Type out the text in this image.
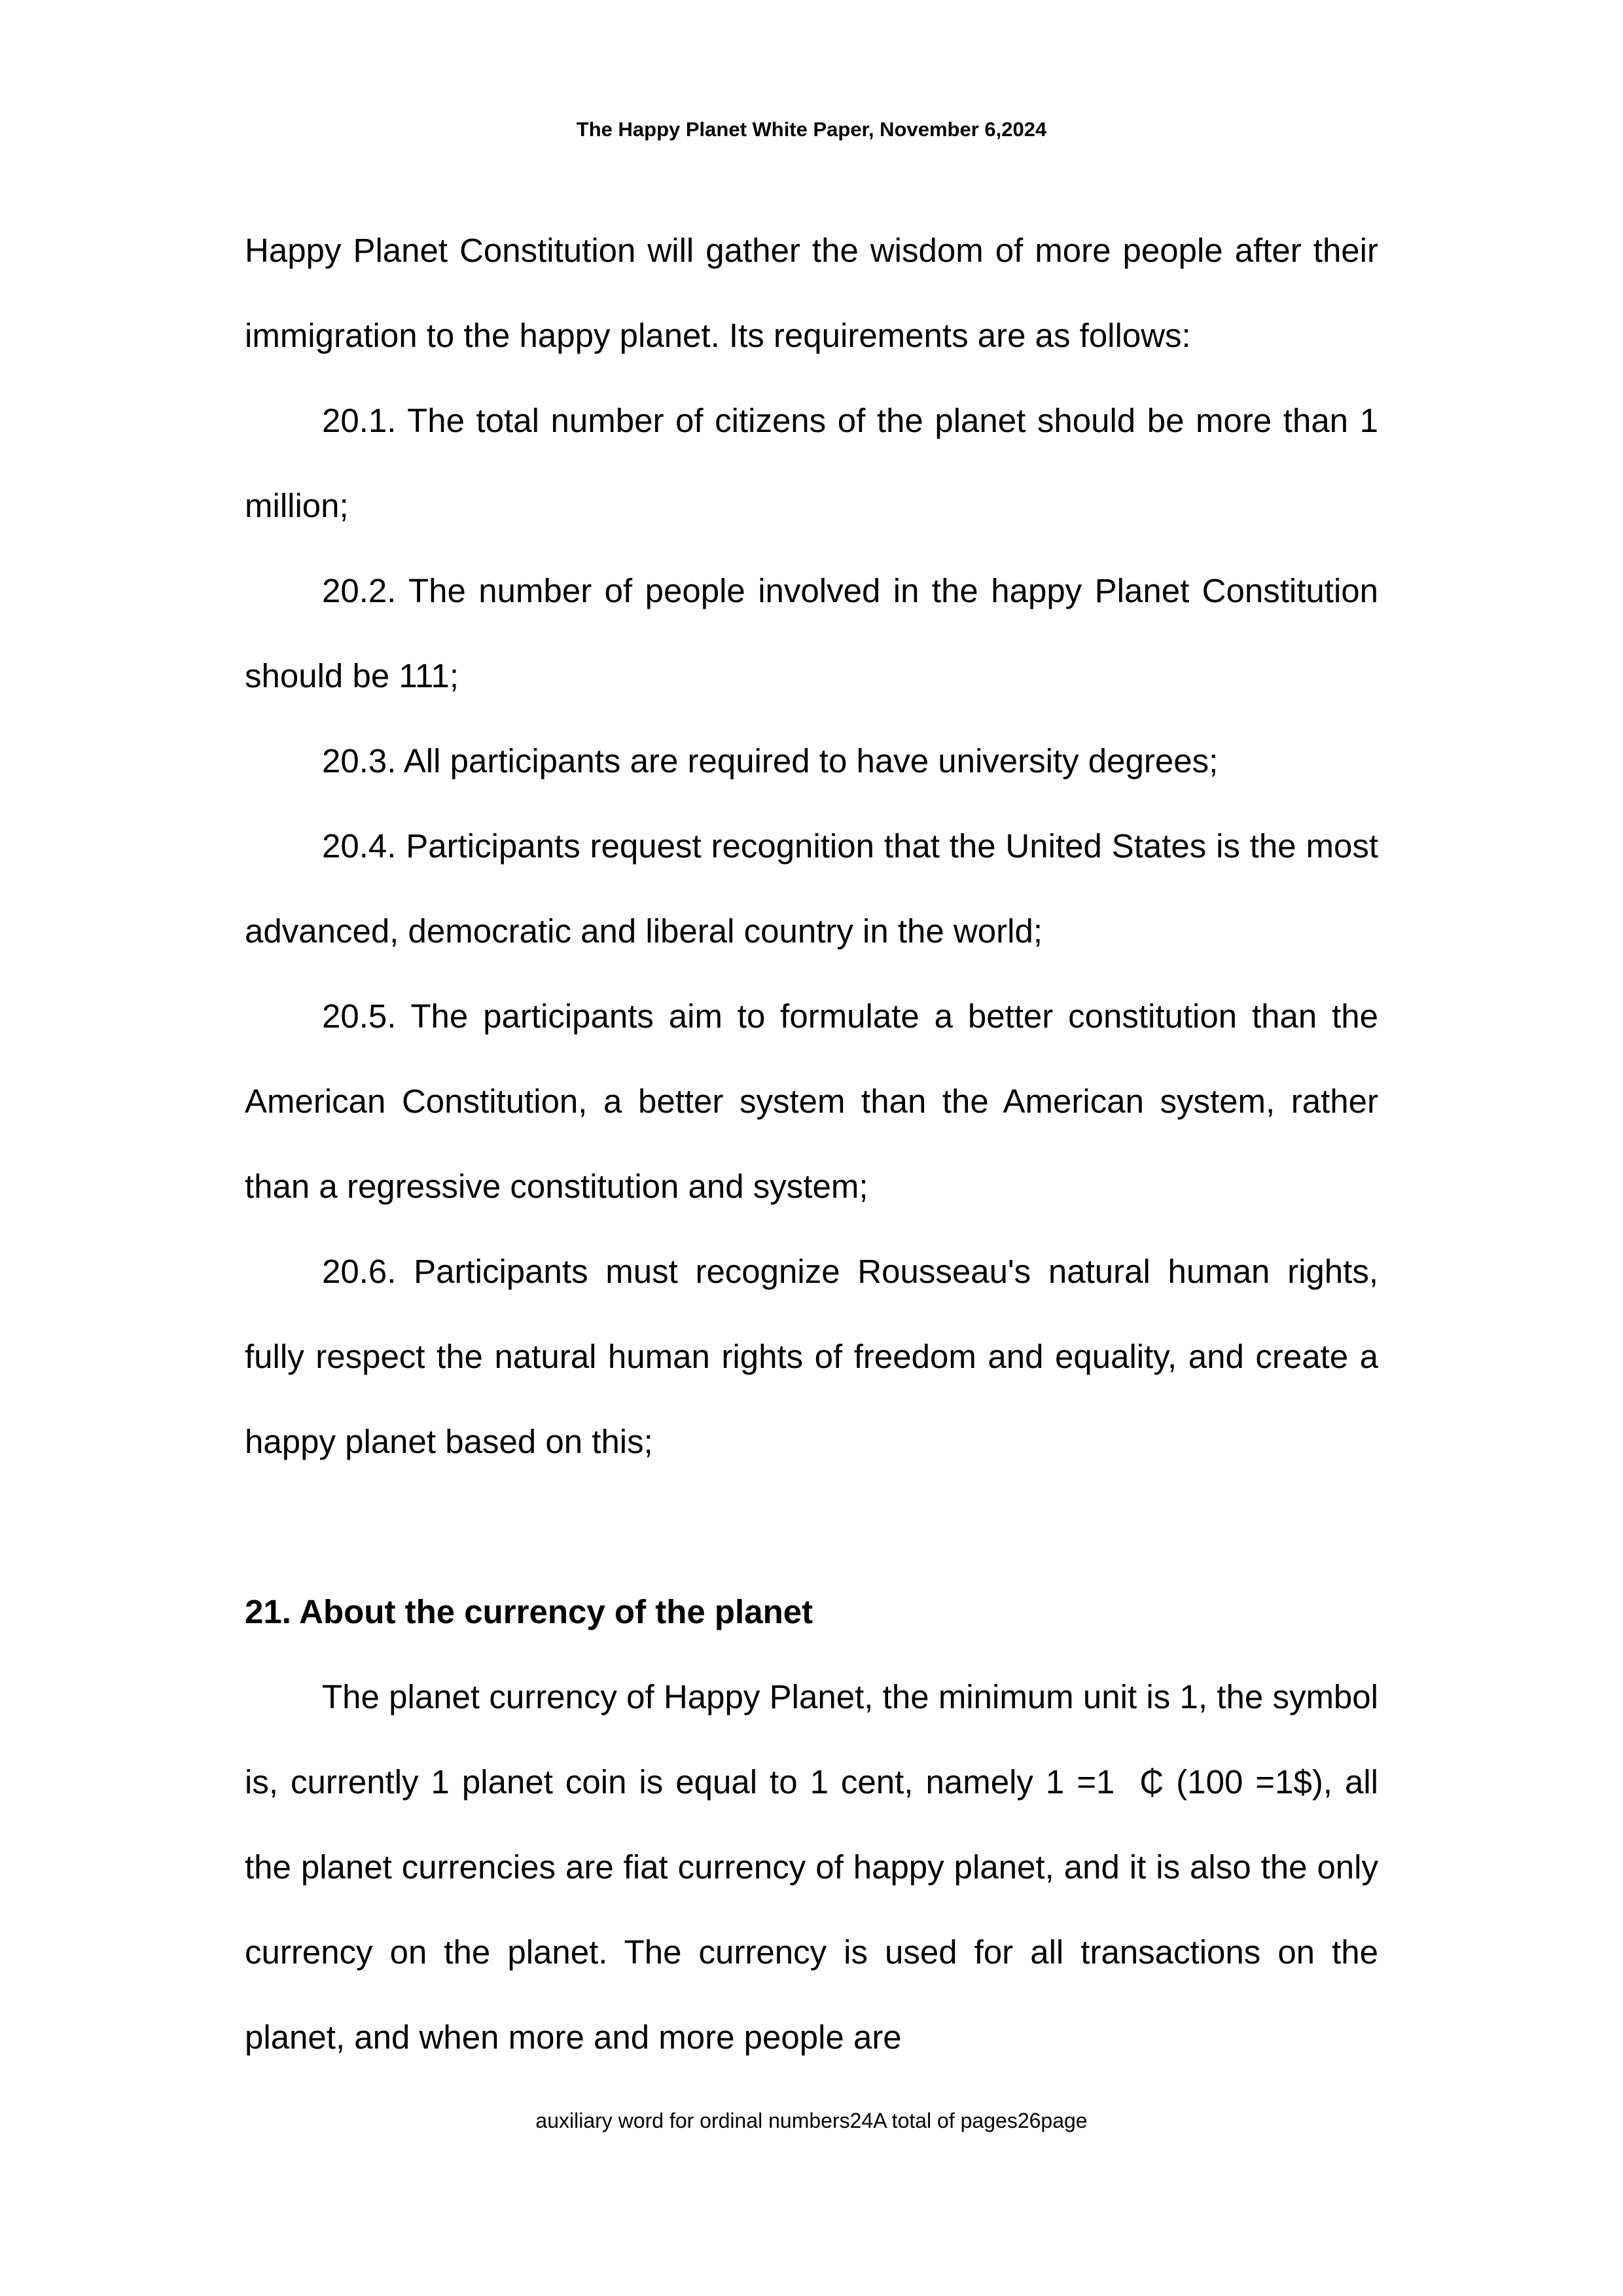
The Happy Planet White Paper, November 6,2024

Happy Planet Constitution will gather the wisdom of more people after their immigration to the happy planet. Its requirements are as follows:

20.1. The total number of citizens of the planet should be more than 1 million;

20.2. The number of people involved in the happy Planet Constitution should be 111;

20.3. All participants are required to have university degrees;

20.4. Participants request recognition that the United States is the most advanced, democratic and liberal country in the world;

20.5. The participants aim to formulate a better constitution than the American Constitution, a better system than the American system, rather than a regressive constitution and system;

20.6. Participants must recognize Rousseau's natural human rights, fully respect the natural human rights of freedom and equality, and create a happy planet based on this;

21. About the currency of the planet

The planet currency of Happy Planet, the minimum unit is 1, the symbol is, currently 1 planet coin is equal to 1 cent, namely 1 =1  ₵ (100 =1$), all the planet currencies are fiat currency of happy planet, and it is also the only currency on the planet. The currency is used for all transactions on the planet, and when more and more people are

auxiliary word for ordinal numbers24A total of pages26page
